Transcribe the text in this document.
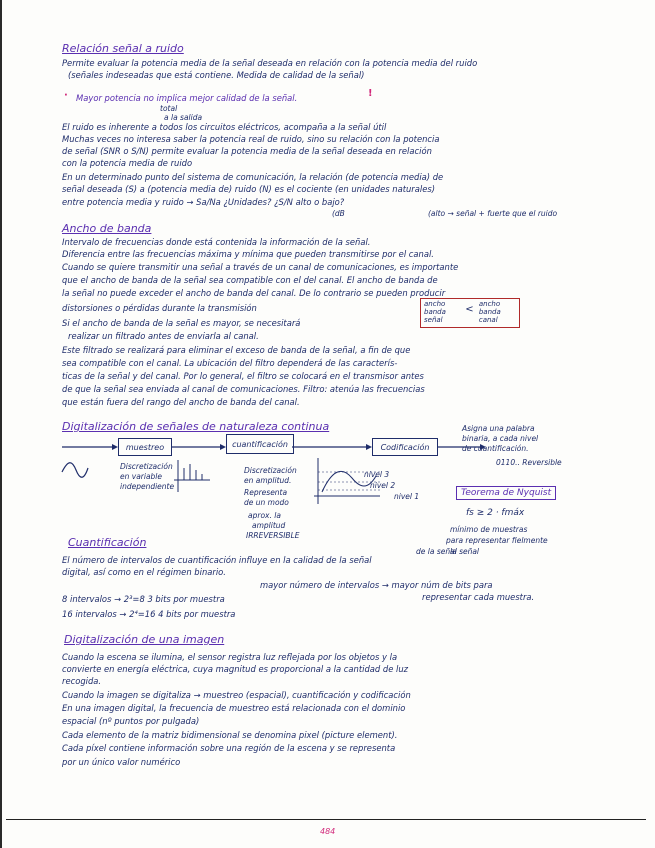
Relación señal a ruido
Permite evaluar la potencia media de la señal deseada en relación con la potencia media del ruido
(señales indeseadas que está contiene. Medida de calidad de la señal)
· Mayor potencia no implica mejor calidad de la señal.	!
total
a la salida
El ruido es inherente a todos los circuitos eléctricos, acompaña a la señal útil
Muchas veces no interesa saber la potencia real de ruido, sino su relación con la potencia
de señal (SNR o S/N) permite evaluar la potencia media de la señal deseada en relación
con la potencia media de ruido
En un determinado punto del sistema de comunicación, la relación (de potencia media) de
señal deseada (S) a (potencia media de) ruido (N) es el cociente (en unidades naturales)
entre potencia media y ruido → Sa/Na ¿Unidades? ¿S/N alto o bajo?
(dB	(alto → señal + fuerte que el ruido
Ancho de banda
Intervalo de frecuencias donde está contenida la información de la señal.
Diferencia entre las frecuencias máxima y mínima que pueden transmitirse por el canal.
Cuando se quiere transmitir una señal a través de un canal de comunicaciones, es importante
que el ancho de banda de la señal sea compatible con el del canal. El ancho de banda de
la señal no puede exceder el ancho de banda del canal. De lo contrario se pueden producir
distorsiones o pérdidas durante la transmisión
Si el ancho de banda de la señal es mayor, se necesitará
realizar un filtrado antes de enviarla al canal.
ancho banda señal < ancho banda canal
Este filtrado se realizará para eliminar el exceso de banda de la señal, a fin de que
sea compatible con el canal. La ubicación del filtro dependerá de las caracterís-
ticas de la señal y del canal. Por lo general, el filtro se colocará en el transmisor antes
de que la señal sea enviada al canal de comunicaciones. Filtro: atenúa las frecuencias
que están fuera del rango del ancho de banda del canal.
Digitalización de señales de naturaleza continua
muestreo	cuantificación	Codificación
Discretización
en variable
independiente
Discretización
en amplitud.
Representa
de un modo
aprox. la
amplitud
IRREVERSIBLE
nivel 3
nivel 2
nivel 1
Asigna una palabra
binaria, a cada nivel
de cuantificación.
0110.. Reversible
Teorema de Nyquist
fs ≥ 2 · fmáx
mínimo de muestras
para representar fielmente
la señal
Cuantificación
El número de intervalos de cuantificación influye en la calidad de la señal
digital, así como en el régimen binario.
de la señal
mayor número de intervalos → mayor núm de bits para
representar cada muestra.
8 intervalos → 2³=8 3 bits por muestra
16 intervalos → 2⁴=16 4 bits por muestra
Digitalización de una imagen
Cuando la escena se ilumina, el sensor registra luz reflejada por los objetos y la
convierte en energía eléctrica, cuya magnitud es proporcional a la cantidad de luz
recogida.
Cuando la imagen se digitaliza → muestreo (espacial), cuantificación y codificación
En una imagen digital, la frecuencia de muestreo está relacionada con el dominio
espacial (nº puntos por pulgada)
Cada elemento de la matriz bidimensional se denomina pixel (picture element).
Cada píxel contiene información sobre una región de la escena y se representa
por un único valor numérico
484
